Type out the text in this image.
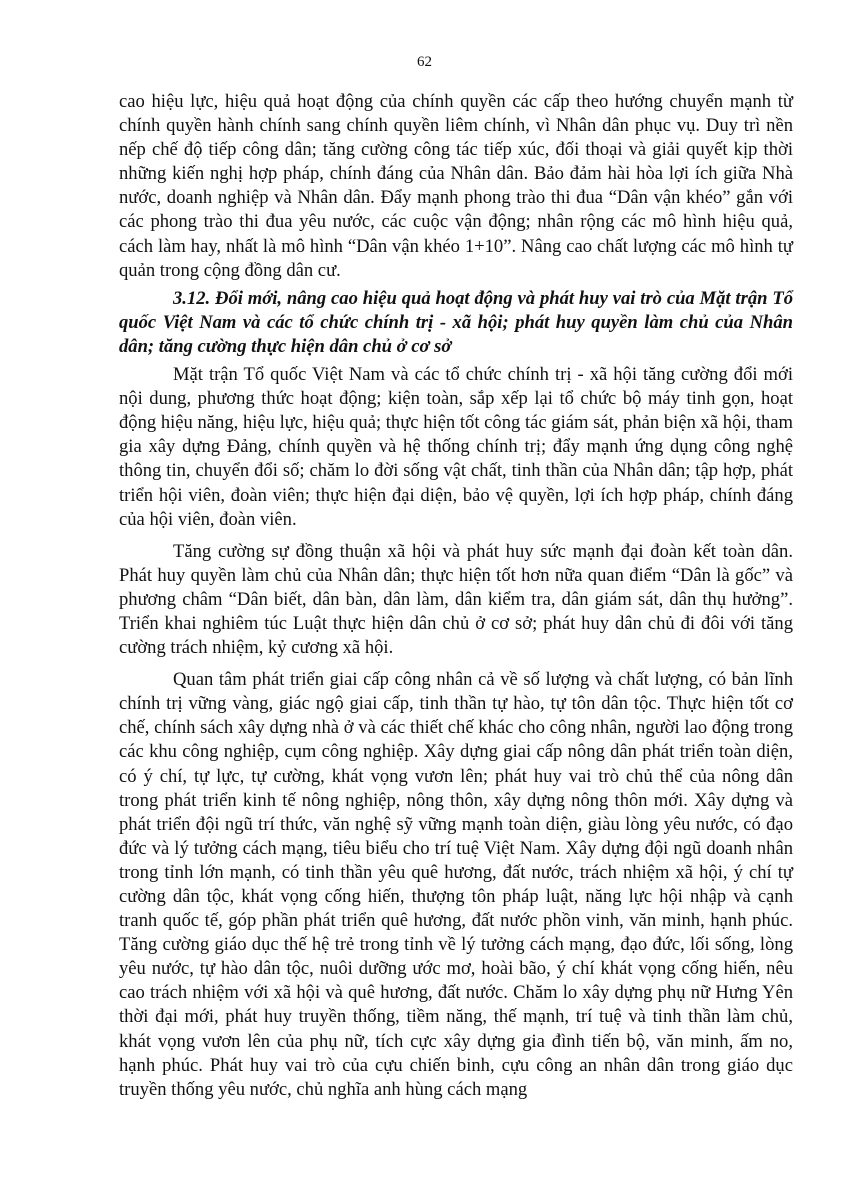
62

cao hiệu lực, hiệu quả hoạt động của chính quyền các cấp theo hướng chuyển mạnh từ chính quyền hành chính sang chính quyền liêm chính, vì Nhân dân phục vụ. Duy trì nền nếp chế độ tiếp công dân; tăng cường công tác tiếp xúc, đối thoại và giải quyết kịp thời những kiến nghị hợp pháp, chính đáng của Nhân dân. Bảo đảm hài hòa lợi ích giữa Nhà nước, doanh nghiệp và Nhân dân. Đẩy mạnh phong trào thi đua “Dân vận khéo” gắn với các phong trào thi đua yêu nước, các cuộc vận động; nhân rộng các mô hình hiệu quả, cách làm hay, nhất là mô hình “Dân vận khéo 1+10”. Nâng cao chất lượng các mô hình tự quản trong cộng đồng dân cư.

3.12. Đổi mới, nâng cao hiệu quả hoạt động và phát huy vai trò của Mặt trận Tổ quốc Việt Nam và các tổ chức chính trị - xã hội; phát huy quyền làm chủ của Nhân dân; tăng cường thực hiện dân chủ ở cơ sở

Mặt trận Tổ quốc Việt Nam và các tổ chức chính trị - xã hội tăng cường đổi mới nội dung, phương thức hoạt động; kiện toàn, sắp xếp lại tổ chức bộ máy tinh gọn, hoạt động hiệu năng, hiệu lực, hiệu quả; thực hiện tốt công tác giám sát, phản biện xã hội, tham gia xây dựng Đảng, chính quyền và hệ thống chính trị; đẩy mạnh ứng dụng công nghệ thông tin, chuyển đổi số; chăm lo đời sống vật chất, tinh thần của Nhân dân; tập hợp, phát triển hội viên, đoàn viên; thực hiện đại diện, bảo vệ quyền, lợi ích hợp pháp, chính đáng của hội viên, đoàn viên.

Tăng cường sự đồng thuận xã hội và phát huy sức mạnh đại đoàn kết toàn dân. Phát huy quyền làm chủ của Nhân dân; thực hiện tốt hơn nữa quan điểm “Dân là gốc” và phương châm “Dân biết, dân bàn, dân làm, dân kiểm tra, dân giám sát, dân thụ hưởng”. Triển khai nghiêm túc Luật thực hiện dân chủ ở cơ sở; phát huy dân chủ đi đôi với tăng cường trách nhiệm, kỷ cương xã hội.

Quan tâm phát triển giai cấp công nhân cả về số lượng và chất lượng, có bản lĩnh chính trị vững vàng, giác ngộ giai cấp, tinh thần tự hào, tự tôn dân tộc. Thực hiện tốt cơ chế, chính sách xây dựng nhà ở và các thiết chế khác cho công nhân, người lao động trong các khu công nghiệp, cụm công nghiệp. Xây dựng giai cấp nông dân phát triển toàn diện, có ý chí, tự lực, tự cường, khát vọng vươn lên; phát huy vai trò chủ thể của nông dân trong phát triển kinh tế nông nghiệp, nông thôn, xây dựng nông thôn mới. Xây dựng và phát triển đội ngũ trí thức, văn nghệ sỹ vững mạnh toàn diện, giàu lòng yêu nước, có đạo đức và lý tưởng cách mạng, tiêu biểu cho trí tuệ Việt Nam. Xây dựng đội ngũ doanh nhân trong tỉnh lớn mạnh, có tinh thần yêu quê hương, đất nước, trách nhiệm xã hội, ý chí tự cường dân tộc, khát vọng cống hiến, thượng tôn pháp luật, năng lực hội nhập và cạnh tranh quốc tế, góp phần phát triển quê hương, đất nước phồn vinh, văn minh, hạnh phúc. Tăng cường giáo dục thế hệ trẻ trong tỉnh về lý tưởng cách mạng, đạo đức, lối sống, lòng yêu nước, tự hào dân tộc, nuôi dưỡng ước mơ, hoài bão, ý chí khát vọng cống hiến, nêu cao trách nhiệm với xã hội và quê hương, đất nước. Chăm lo xây dựng phụ nữ Hưng Yên thời đại mới, phát huy truyền thống, tiềm năng, thế mạnh, trí tuệ và tinh thần làm chủ, khát vọng vươn lên của phụ nữ, tích cực xây dựng gia đình tiến bộ, văn minh, ấm no, hạnh phúc. Phát huy vai trò của cựu chiến binh, cựu công an nhân dân trong giáo dục truyền thống yêu nước, chủ nghĩa anh hùng cách mạng
